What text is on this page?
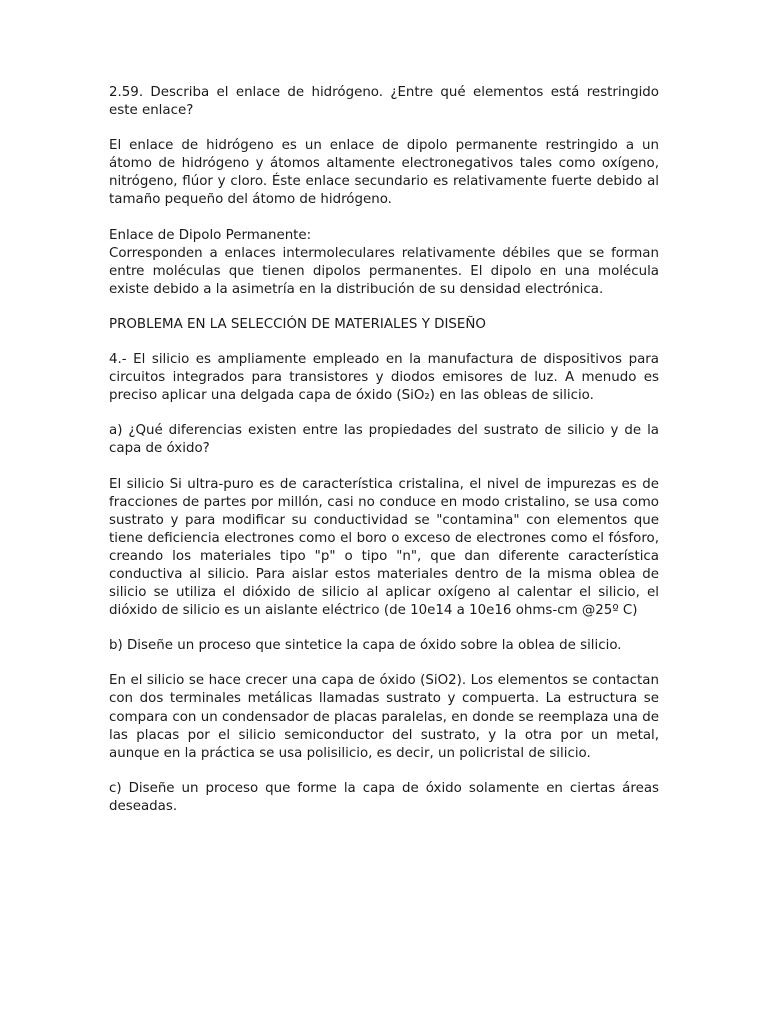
2.59. Describa el enlace de hidrógeno. ¿Entre qué elementos está restringido este enlace?

El enlace de hidrógeno es un enlace de dipolo permanente restringido a un átomo de hidrógeno y átomos altamente electronegativos tales como oxígeno, nitrógeno, flúor y cloro. Éste enlace secundario es relativamente fuerte debido al tamaño pequeño del átomo de hidrógeno.

Enlace de Dipolo Permanente:

Corresponden a enlaces intermoleculares relativamente débiles que se forman entre moléculas que tienen dipolos permanentes. El dipolo en una molécula existe debido a la asimetría en la distribución de su densidad electrónica.

PROBLEMA EN LA SELECCIÓN DE MATERIALES Y DISEÑO

4.- El silicio es ampliamente empleado en la manufactura de dispositivos para circuitos integrados para transistores y diodos emisores de luz. A menudo es preciso aplicar una delgada capa de óxido (SiO₂) en las obleas de silicio.

a) ¿Qué diferencias existen entre las propiedades del sustrato de silicio y de la capa de óxido?

El silicio Si ultra-puro es de característica cristalina, el nivel de impurezas es de fracciones de partes por millón, casi no conduce en modo cristalino, se usa como sustrato y para modificar su conductividad se "contamina" con elementos que tiene deficiencia electrones como el boro o exceso de electrones como el fósforo, creando los materiales tipo "p" o tipo "n", que dan diferente característica conductiva al silicio. Para aislar estos materiales dentro de la misma oblea de silicio se utiliza el dióxido de silicio al aplicar oxígeno al calentar el silicio, el dióxido de silicio es un aislante eléctrico (de 10e14 a 10e16 ohms-cm @25º C)

b) Diseñe un proceso que sintetice la capa de óxido sobre la oblea de silicio.

En el silicio se hace crecer una capa de óxido (SiO2). Los elementos se contactan con dos terminales metálicas llamadas sustrato y compuerta. La estructura se compara con un condensador de placas paralelas, en donde se reemplaza una de las placas por el silicio semiconductor del sustrato, y la otra por un metal, aunque en la práctica se usa polisilicio, es decir, un policristal de silicio.

c) Diseñe un proceso que forme la capa de óxido solamente en ciertas áreas deseadas.
